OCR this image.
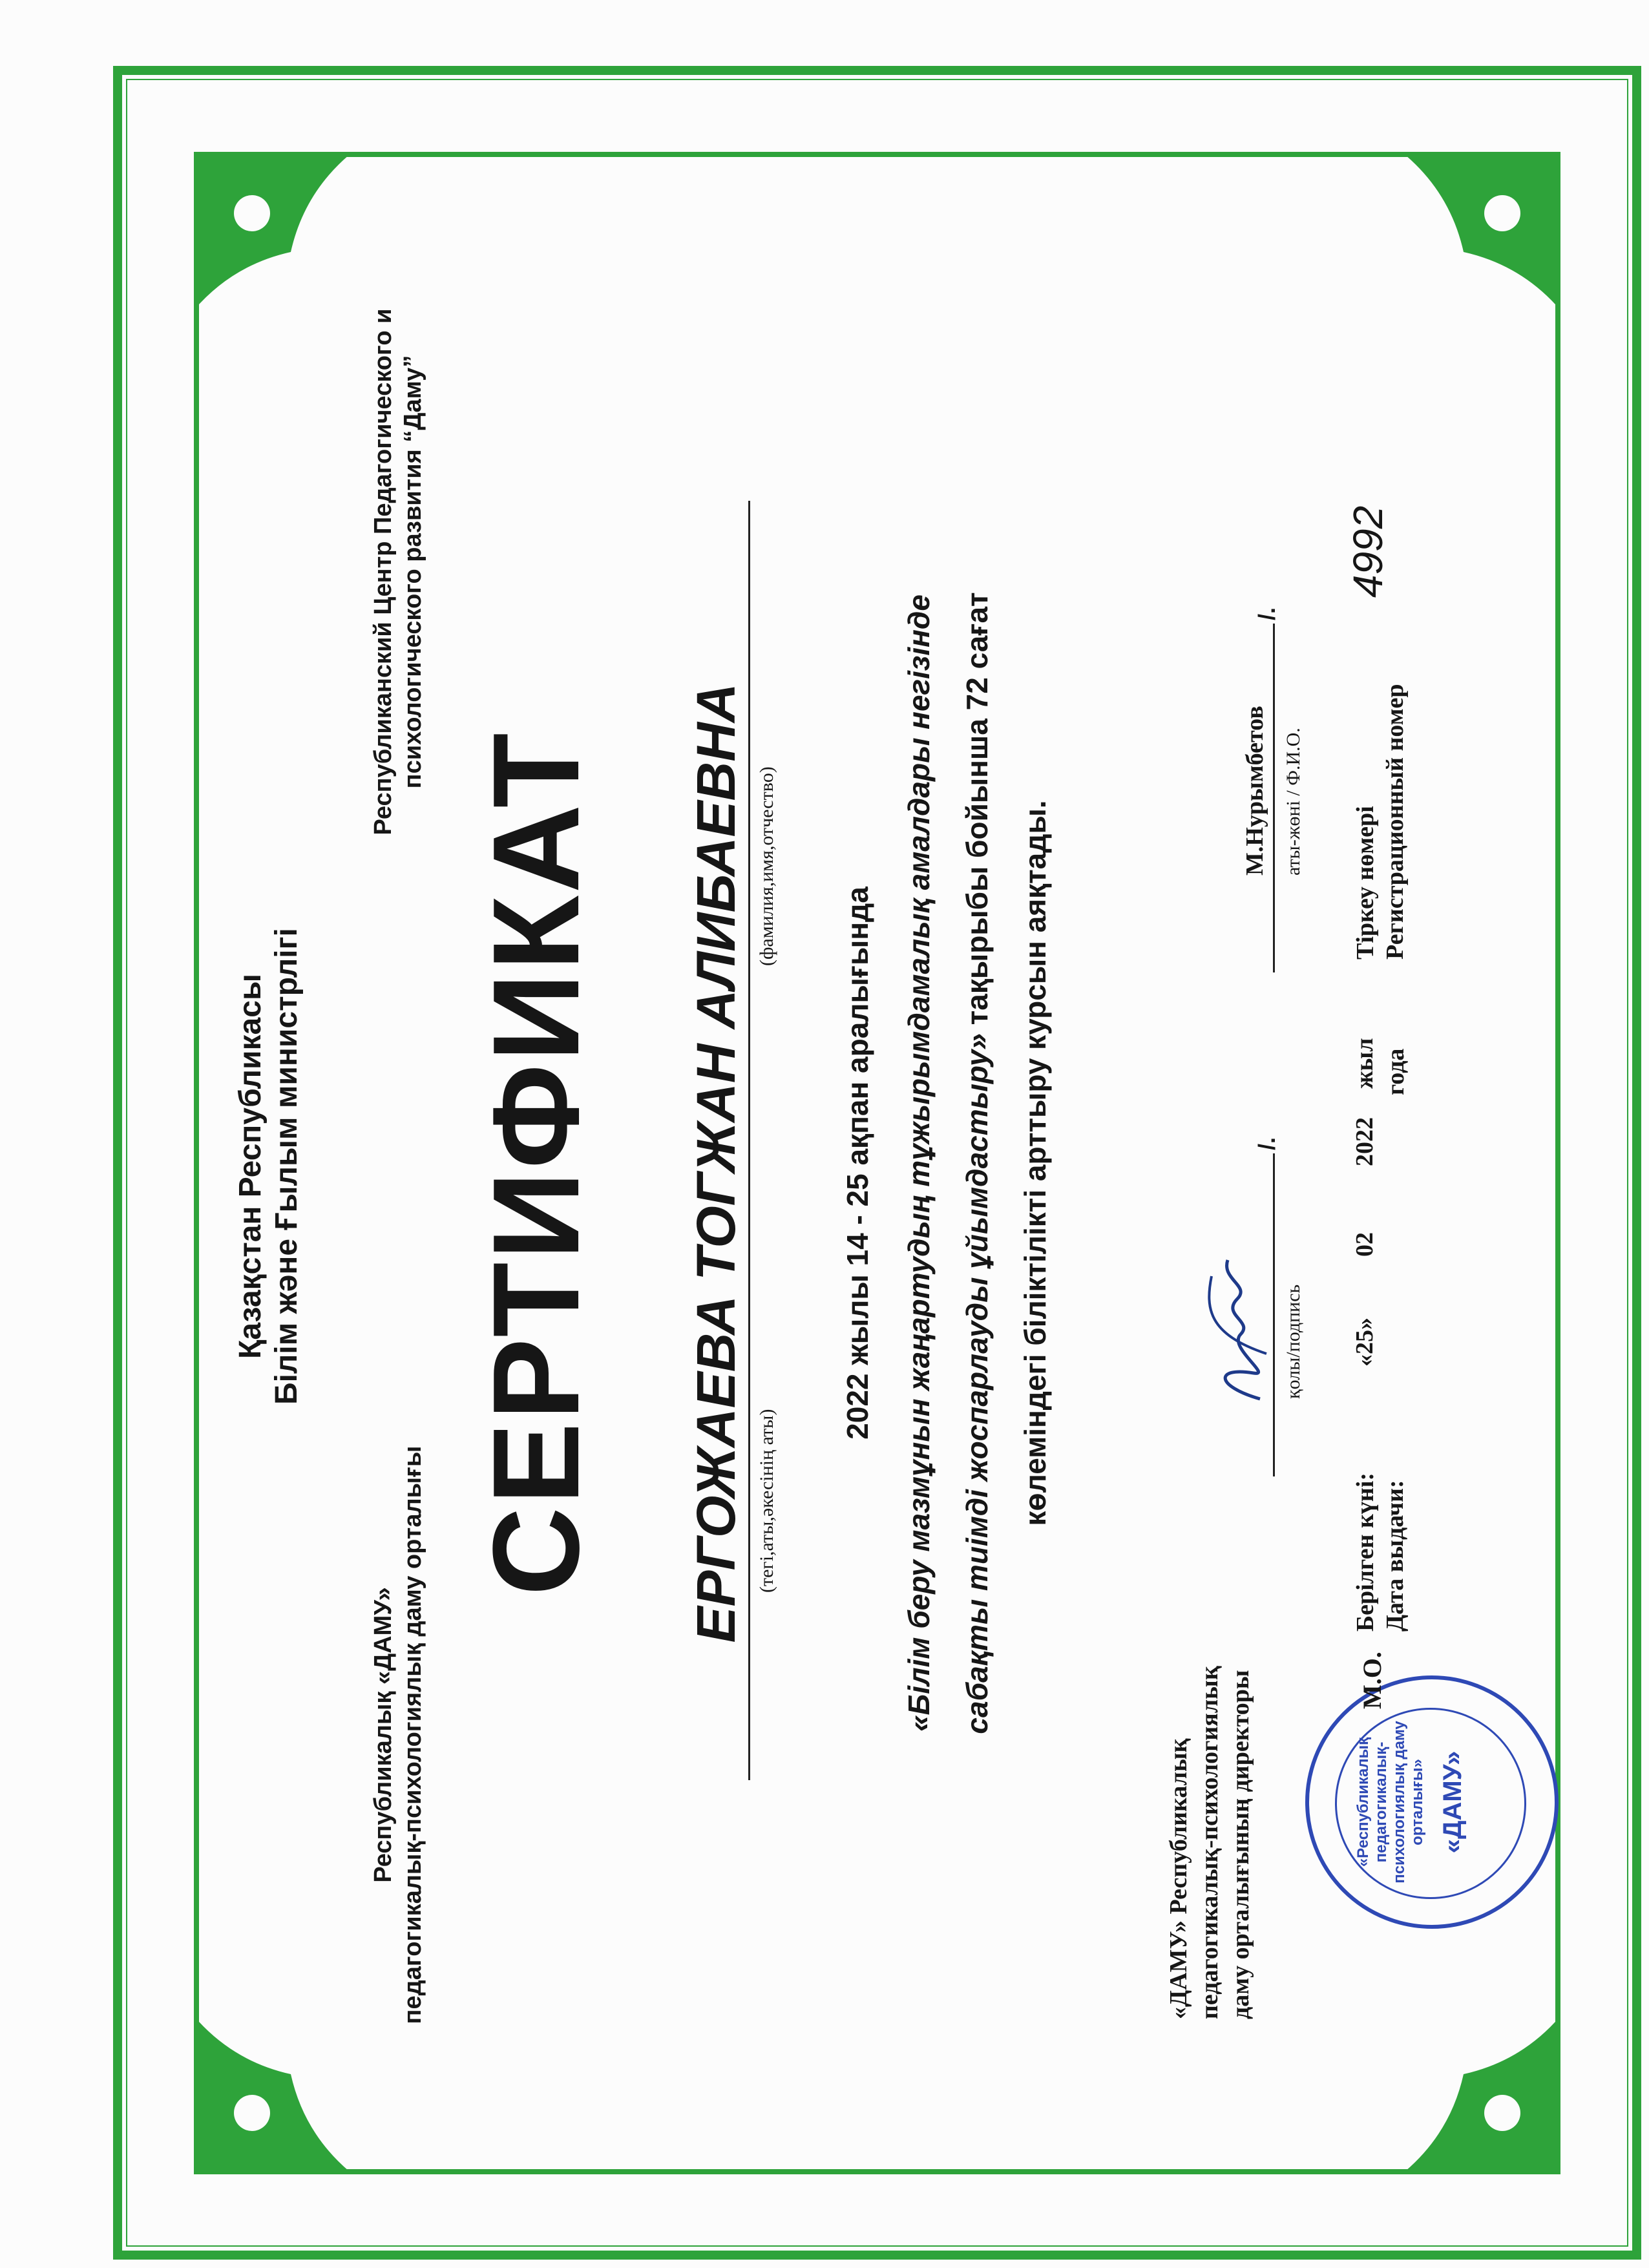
Қазақстан Республикасы Білім және Ғылым министрлігі
Республикалық «ДАМУ» педагогикалық-психологиялық даму орталығы
Республиканский Центр Педагогического и психологического развития “Даму”
СЕРТИФИКАТ ЕРГОЖАЕВА ТОГЖАН АЛИБАЕВНА (тегі,аты,әкесінің аты)
(фамилия,имя,отчество)
2022 жылы 14 - 25 ақпан аралығында «Білім беру мазмұнын жаңартудың тұжырымдамалық амалдары негізінде сабақты тиімді жоспарлауды ұйымдастыру» тақырыбы бойынша 72 сағат көлеміндегі біліктілікті арттыру курсын аяқтады.
«ДАМУ» Республикалық педагогикалық-психологиялық даму орталығының директоры
/.
қолы/подпись
М.Нурымбетов
/.
аты-жөні / Ф.И.О.
«Республикалық педагогикалық-психологиялық даму орталығы» «ДАМУ»
М.О.
Берілген күні: Дата выдачи:
«25»
02
2022
жыл года
Тіркеу нөмері Регистрационный номер
4992
